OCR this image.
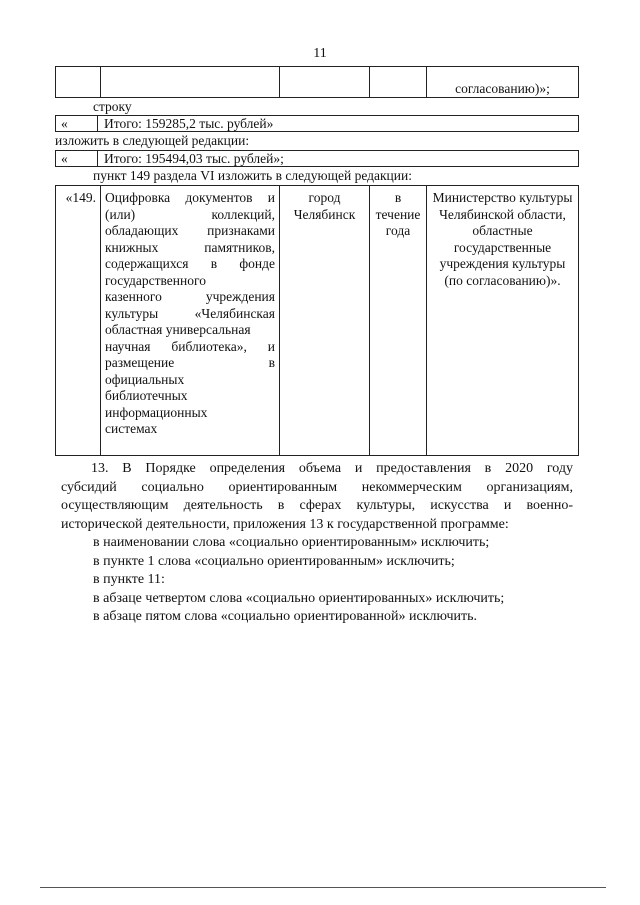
11
				согласованию)»;
строку
«	Итого: 159285,2 тыс. рублей»
изложить в следующей редакции:
«	Итого: 195494,03 тыс. рублей»;
пункт 149 раздела VI изложить в следующей редакции:
«149.	Оцифровка документов и
(или) коллекций,
обладающих признаками
книжных памятников,
содержащихся в фонде
государственного
казенного учреждения
культуры «Челябинская
областная универсальная
научная библиотека», и
размещение в
официальных
библиотечных
информационных
системах
	город Челябинск	в течение года	Министерство культуры Челябинской области, областные государственные учреждения культуры (по согласованию)».
13. В Порядке определения объема и предоставления в 2020 году
субсидий социально ориентированным некоммерческим организациям,
осуществляющим деятельность в сферах культуры, искусства и военно-
исторической деятельности, приложения 13 к государственной программе:
в наименовании слова «социально ориентированным» исключить;
в пункте 1 слова «социально ориентированным» исключить;
в пункте 11:
в абзаце четвертом слова «социально ориентированных» исключить;
в абзаце пятом слова «социально ориентированной» исключить.
